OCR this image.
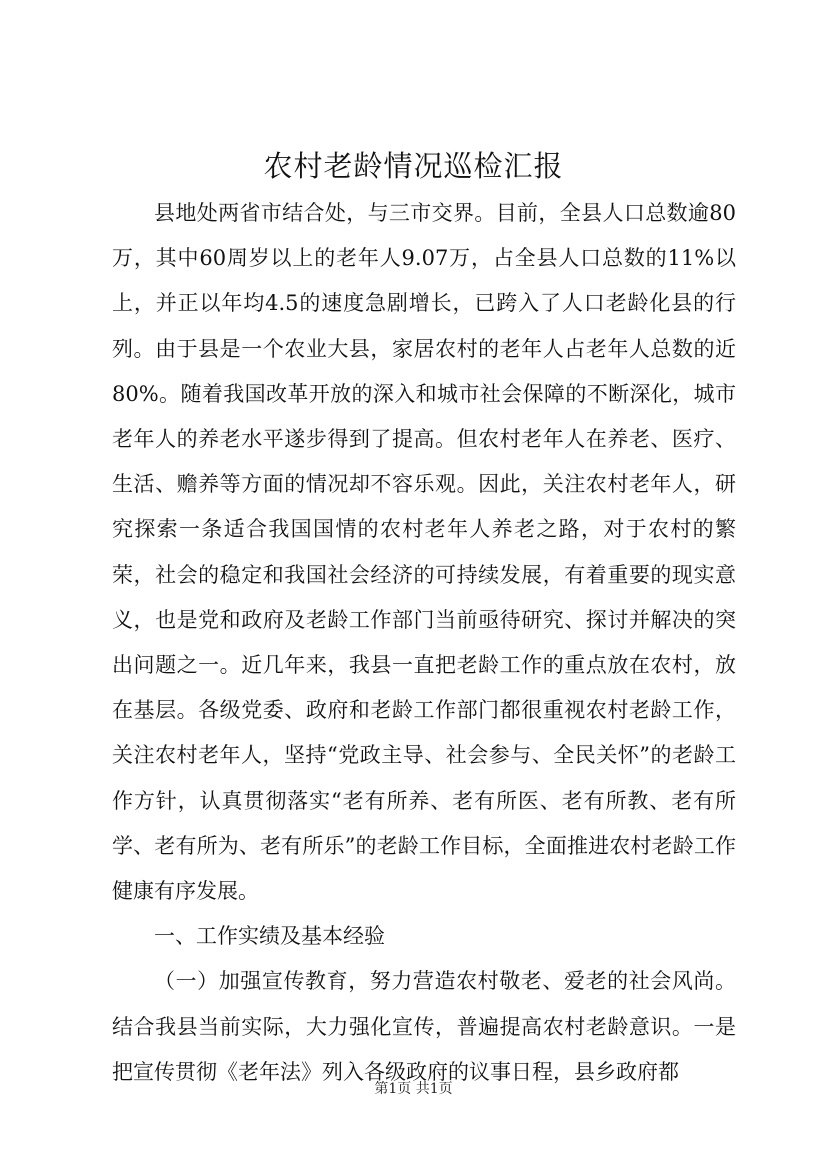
农村老龄情况巡检汇报

县地处两省市结合处，与三市交界。目前，全县人口总数逾80万，其中60周岁以上的老年人9.07万，占全县人口总数的11%以上，并正以年均4.5的速度急剧增长，已跨入了人口老龄化县的行列。由于县是一个农业大县，家居农村的老年人占老年人总数的近80%。随着我国改革开放的深入和城市社会保障的不断深化，城市老年人的养老水平遂步得到了提高。但农村老年人在养老、医疗、生活、赡养等方面的情况却不容乐观。因此，关注农村老年人，研究探索一条适合我国国情的农村老年人养老之路，对于农村的繁荣，社会的稳定和我国社会经济的可持续发展，有着重要的现实意义，也是党和政府及老龄工作部门当前亟待研究、探讨并解决的突出问题之一。近几年来，我县一直把老龄工作的重点放在农村，放在基层。各级党委、政府和老龄工作部门都很重视农村老龄工作，关注农村老年人，坚持“党政主导、社会参与、全民关怀”的老龄工作方针，认真贯彻落实“老有所养、老有所医、老有所教、老有所学、老有所为、老有所乐”的老龄工作目标，全面推进农村老龄工作健康有序发展。

一、工作实绩及基本经验

（一）加强宣传教育，努力营造农村敬老、爱老的社会风尚。结合我县当前实际，大力强化宣传，普遍提高农村老龄意识。一是把宣传贯彻《老年法》列入各级政府的议事日程，县乡政府都

第1页 共1页
